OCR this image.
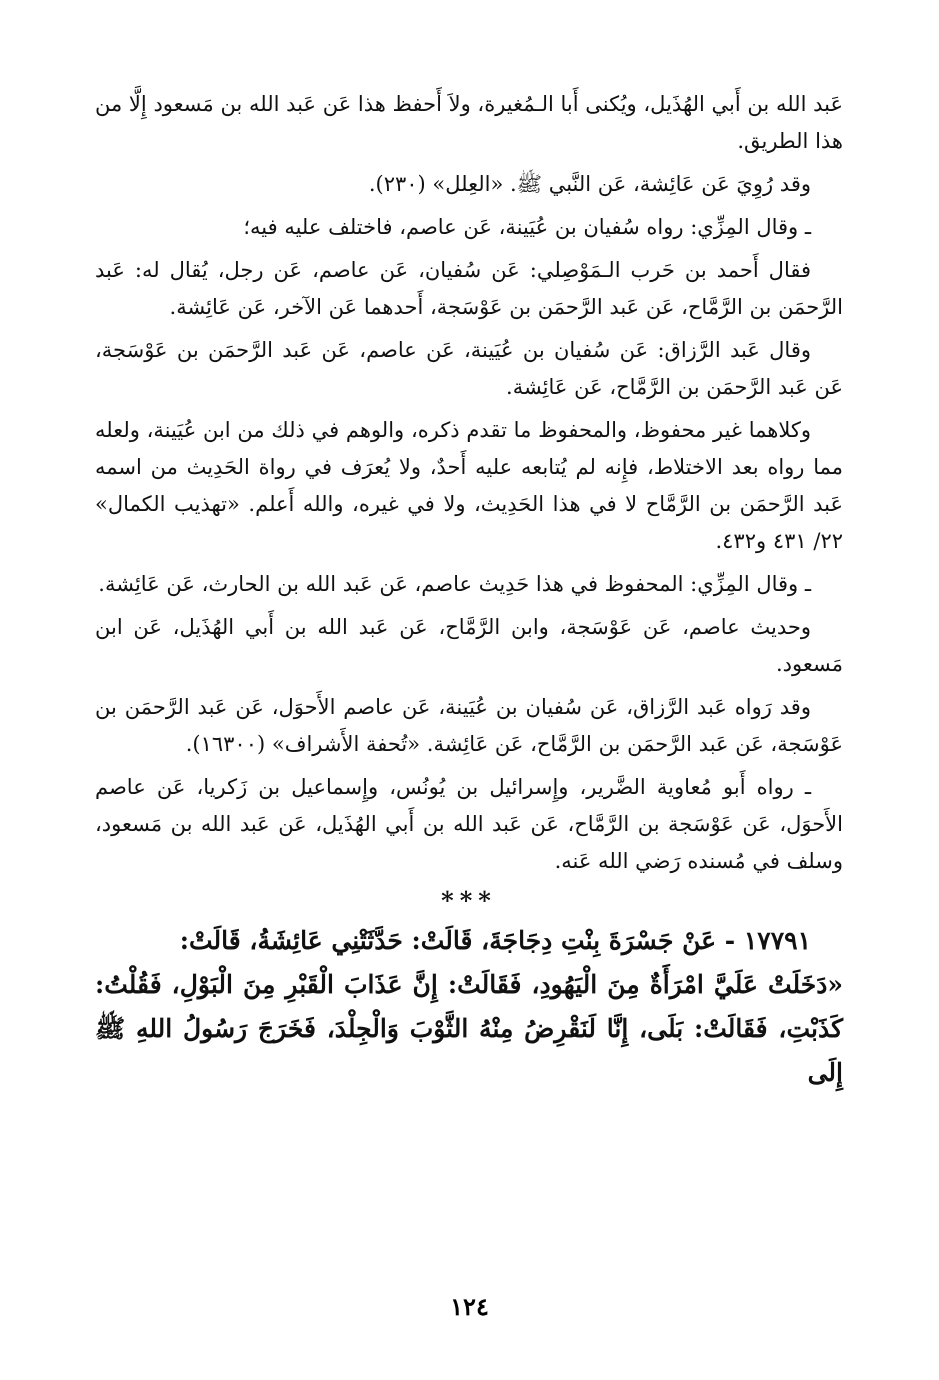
عَبد الله بن أَبي الهُذَيل، ويُكنى أَبا الـمُغيرة، ولاَ أَحفظ هذا عَن عَبد الله بن مَسعود إِلَّا من هذا الطريق.

وقد رُوِيَ عَن عَائِشة، عَن النَّبي ﷺ. «العِلل» (٢٣٠).

ـ وقال المِزِّي: رواه سُفيان بن عُيَينة، عَن عاصم، فاختلف عليه فيه؛

فقال أَحمد بن حَرب الـمَوْصِلي: عَن سُفيان، عَن عاصم، عَن رجل، يُقال له: عَبد الرَّحمَن بن الرَّمَّاح، عَن عَبد الرَّحمَن بن عَوْسَجة، أَحدهما عَن الآخر، عَن عَائِشة.

وقال عَبد الرَّزاق: عَن سُفيان بن عُيَينة، عَن عاصم، عَن عَبد الرَّحمَن بن عَوْسَجة، عَن عَبد الرَّحمَن بن الرَّمَّاح، عَن عَائِشة.

وكلاهما غير محفوظ، والمحفوظ ما تقدم ذكره، والوهم في ذلك من ابن عُيَينة، ولعله مما رواه بعد الاختلاط، فإِنه لم يُتابعه عليه أَحدٌ، ولا يُعرَف في رواة الحَدِيث من اسمه عَبد الرَّحمَن بن الرَّمَّاح لا في هذا الحَدِيث، ولا في غيره، والله أَعلم. «تهذيب الكمال» ٢٢/ ٤٣١ و٤٣٢.

ـ وقال المِزِّي: المحفوظ في هذا حَدِيث عاصم، عَن عَبد الله بن الحارث، عَن عَائِشة.

وحديث عاصم، عَن عَوْسَجة، وابن الرَّمَّاح، عَن عَبد الله بن أَبي الهُذَيل، عَن ابن مَسعود.

وقد رَواه عَبد الرَّزاق، عَن سُفيان بن عُيَينة، عَن عاصم الأَحوَل، عَن عَبد الرَّحمَن بن عَوْسَجة، عَن عَبد الرَّحمَن بن الرَّمَّاح، عَن عَائِشة. «تُحفة الأَشراف» (١٦٣٠٠).

ـ رواه أَبو مُعاوية الضَّرير، وإِسرائيل بن يُونُس، وإِسماعيل بن زَكريا، عَن عاصم الأَحوَل، عَن عَوْسَجة بن الرَّمَّاح، عَن عَبد الله بن أَبي الهُذَيل، عَن عَبد الله بن مَسعود، وسلف في مُسنده رَضي الله عَنه.

***

١٧٧٩١ - عَنْ جَسْرَةَ بِنْتِ دِجَاجَةَ، قَالَتْ: حَدَّثَتْنِي عَائِشَةُ، قَالَتْ:

«دَخَلَتْ عَلَيَّ امْرَأَةٌ مِنَ الْيَهُودِ، فَقَالَتْ: إِنَّ عَذَابَ الْقَبْرِ مِنَ الْبَوْلِ، فَقُلْتُ: كَذَبْتِ، فَقَالَتْ: بَلَى، إِنَّا لَنَقْرِضُ مِنْهُ الثَّوْبَ وَالْجِلْدَ، فَخَرَجَ رَسُولُ اللهِ ﷺ إِلَى

١٢٤
